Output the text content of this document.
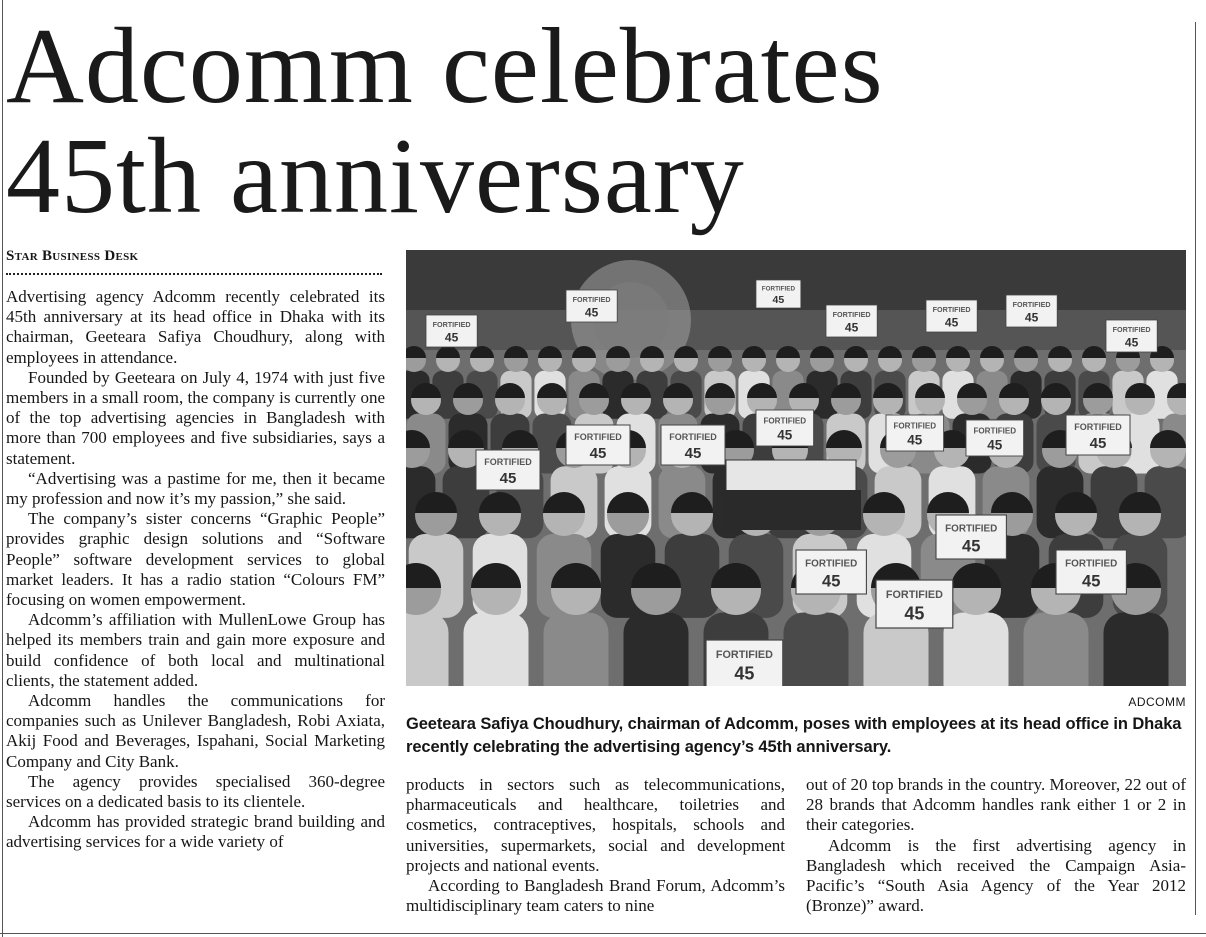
Adcomm celebrates
45th anniversary
Star Business Desk

Advertising agency Adcomm recently celebrated its 45th anniversary at its head office in Dhaka with its chairman, Geeteara Safiya Choudhury, along with employees in attendance.

Founded by Geeteara on July 4, 1974 with just five members in a small room, the company is currently one of the top advertising agencies in Bangladesh with more than 700 employees and five subsidiaries, says a statement.

“Advertising was a pastime for me, then it became my profession and now it’s my passion,” she said.

The company’s sister concerns “Graphic People” provides graphic design solutions and “Software People” software development services to global market leaders. It has a radio station “Colours FM” focusing on women empowerment.

Adcomm’s affiliation with MullenLowe Group has helped its members train and gain more exposure and build confidence of both local and multinational clients, the statement added.

Adcomm handles the communications for companies such as Unilever Bangladesh, Robi Axiata, Akij Food and Beverages, Ispahani, Social Marketing Company and City Bank.

The agency provides specialised 360-degree services on a dedicated basis to its clientele.

Adcomm has provided strategic brand building and advertising services for a wide variety of

FORTIFIED
45
FORTIFIED
45
FORTIFIED
45
FORTIFIED
45
FORTIFIED
45
FORTIFIED
45
FORTIFIED
45
FORTIFIED
45
FORTIFIED
45
FORTIFIED
45
FORTIFIED
45
FORTIFIED
45
FORTIFIED
45
FORTIFIED
45
FORTIFIED
45
FORTIFIED
45
FORTIFIED
45
FORTIFIED
45
FORTIFIED
45
ADCOMM
Geeteara Safiya Choudhury, chairman of Adcomm, poses with employees at its head office in Dhaka recently celebrating the advertising agency’s 45th anniversary.

products in sectors such as telecommunications, pharmaceuticals and healthcare, toiletries and cosmetics, contraceptives, hospitals, schools and universities, supermarkets, social and development projects and national events.

According to Bangladesh Brand Forum, Adcomm’s multidisciplinary team caters to nine

out of 20 top brands in the country. Moreover, 22 out of 28 brands that Adcomm handles rank either 1 or 2 in their categories.

Adcomm is the first advertising agency in Bangladesh which received the Campaign Asia-Pacific’s “South Asia Agency of the Year 2012 (Bronze)” award.
